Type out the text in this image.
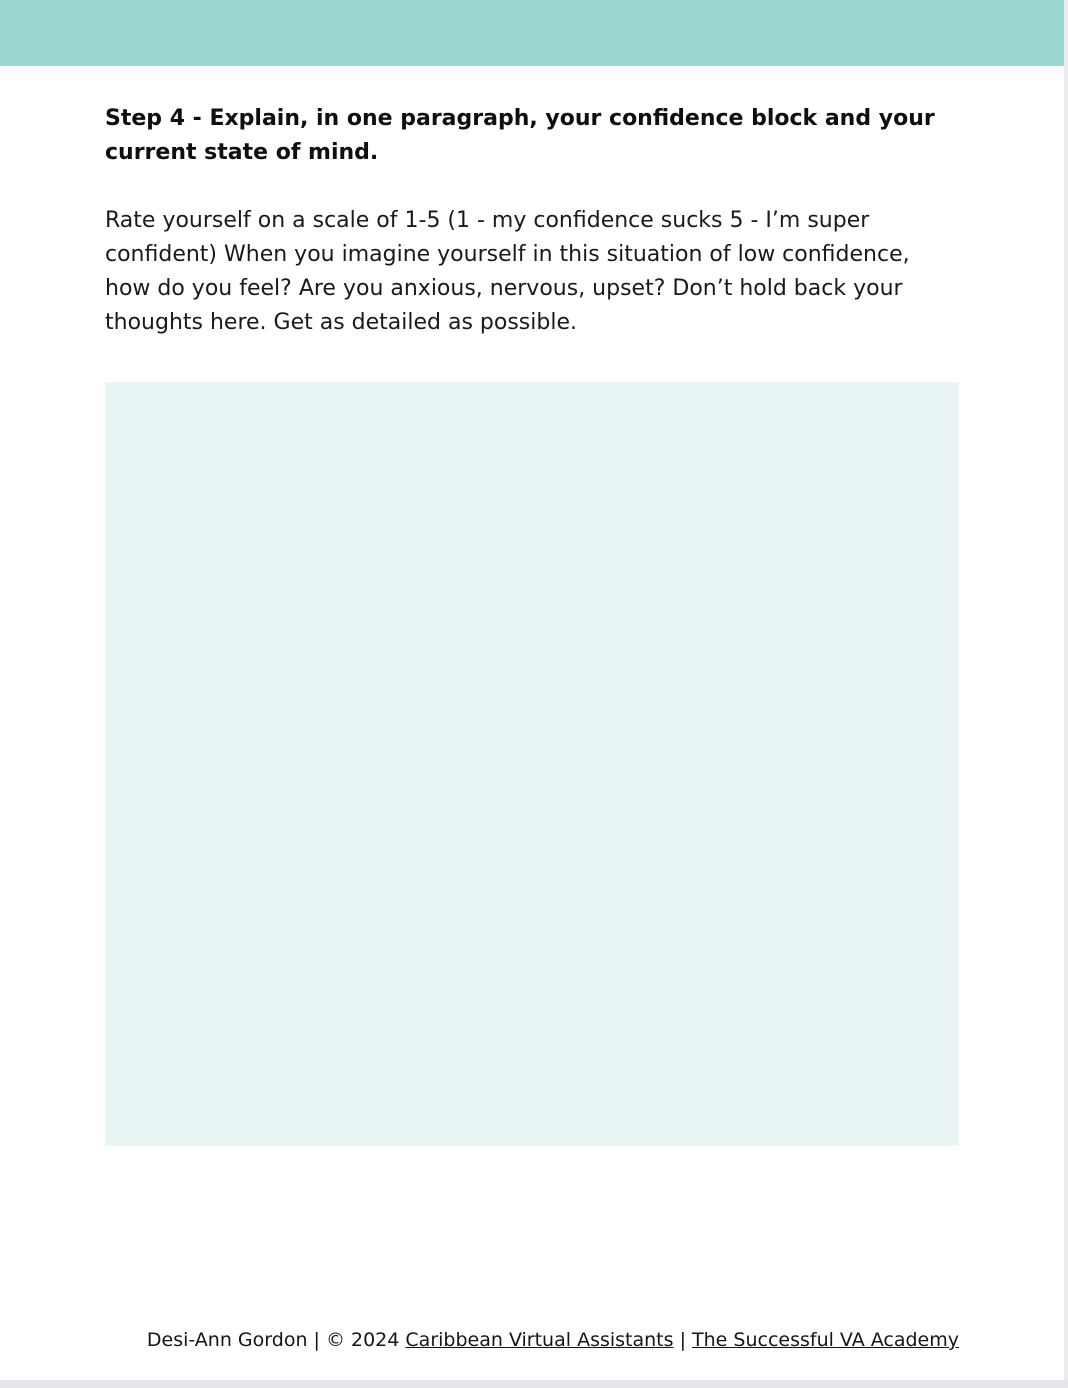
Step 4 - Explain, in one paragraph, your confidence block and your current state of mind.

Rate yourself on a scale of 1-5 (1 - my confidence sucks 5 - I’m super confident) When you imagine yourself in this situation of low confidence, how do you feel? Are you anxious, nervous, upset? Don’t hold back your thoughts here. Get as detailed as possible.

Desi-Ann Gordon | © 2024 Caribbean Virtual Assistants | The Successful VA Academy
